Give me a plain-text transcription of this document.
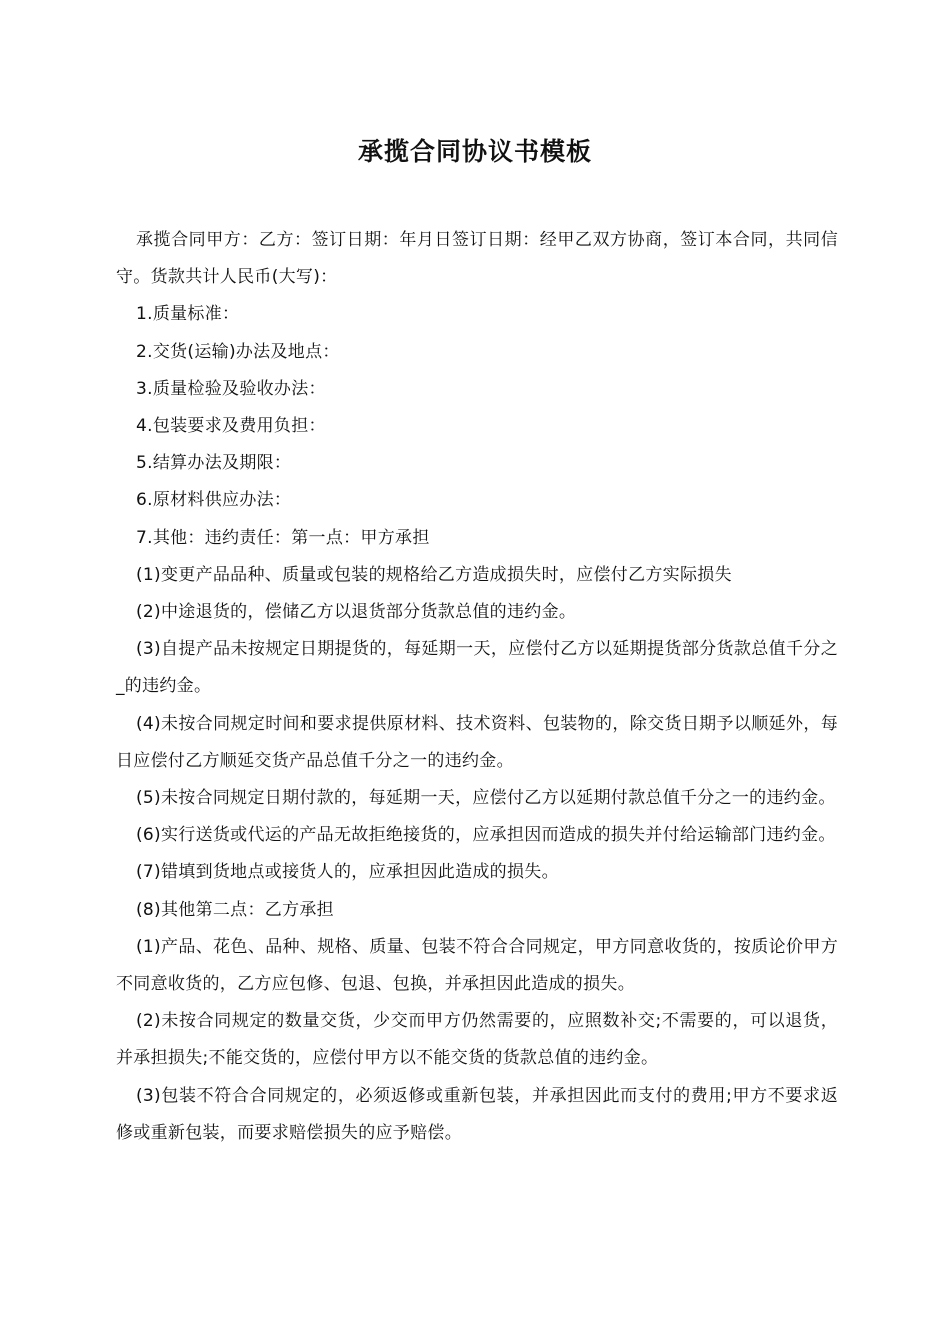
承揽合同协议书模板

承揽合同甲方：乙方：签订日期：年月日签订日期：经甲乙双方协商，签订本合同，共同信守。货款共计人民币(大写)：

1.质量标准：

2.交货(运输)办法及地点：

3.质量检验及验收办法：

4.包装要求及费用负担：

5.结算办法及期限：

6.原材料供应办法：

7.其他：违约责任：第一点：甲方承担

(1)变更产品品种、质量或包装的规格给乙方造成损失时，应偿付乙方实际损失

(2)中途退货的，偿储乙方以退货部分货款总值的违约金。

(3)自提产品未按规定日期提货的，每延期一天，应偿付乙方以延期提货部分货款总值千分之_的违约金。

(4)未按合同规定时间和要求提供原材料、技术资料、包装物的，除交货日期予以顺延外，每日应偿付乙方顺延交货产品总值千分之一的违约金。

(5)未按合同规定日期付款的，每延期一天，应偿付乙方以延期付款总值千分之一的违约金。

(6)实行送货或代运的产品无故拒绝接货的，应承担因而造成的损失并付给运输部门违约金。

(7)错填到货地点或接货人的，应承担因此造成的损失。

(8)其他第二点：乙方承担

(1)产品、花色、品种、规格、质量、包装不符合合同规定，甲方同意收货的，按质论价甲方不同意收货的，乙方应包修、包退、包换，并承担因此造成的损失。

(2)未按合同规定的数量交货，少交而甲方仍然需要的，应照数补交;不需要的，可以退货，并承担损失;不能交货的，应偿付甲方以不能交货的货款总值的违约金。

(3)包装不符合合同规定的，必须返修或重新包装，并承担因此而支付的费用;甲方不要求返修或重新包装，而要求赔偿损失的应予赔偿。
